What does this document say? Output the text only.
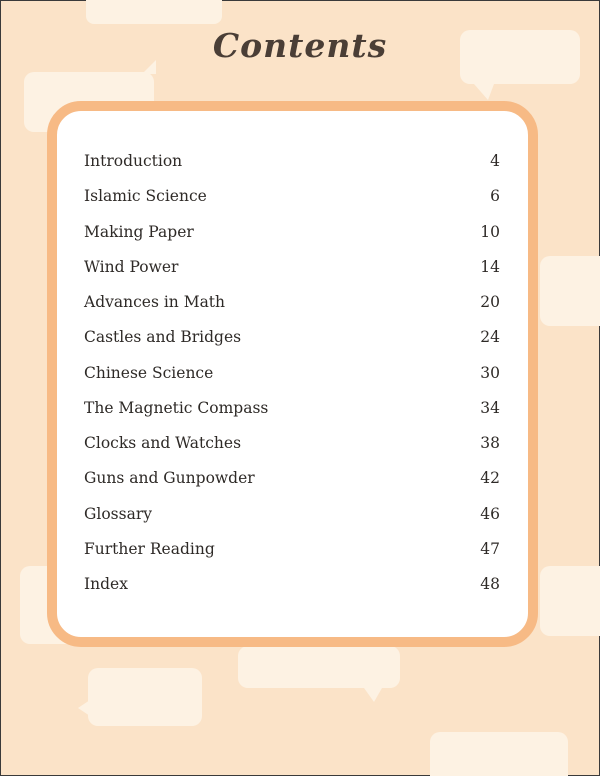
Contents
Introduction	4
Islamic Science	6
Making Paper	10
Wind Power	14
Advances in Math	20
Castles and Bridges	24
Chinese Science	30
The Magnetic Compass	34
Clocks and Watches	38
Guns and Gunpowder	42
Glossary	46
Further Reading	47
Index	48
